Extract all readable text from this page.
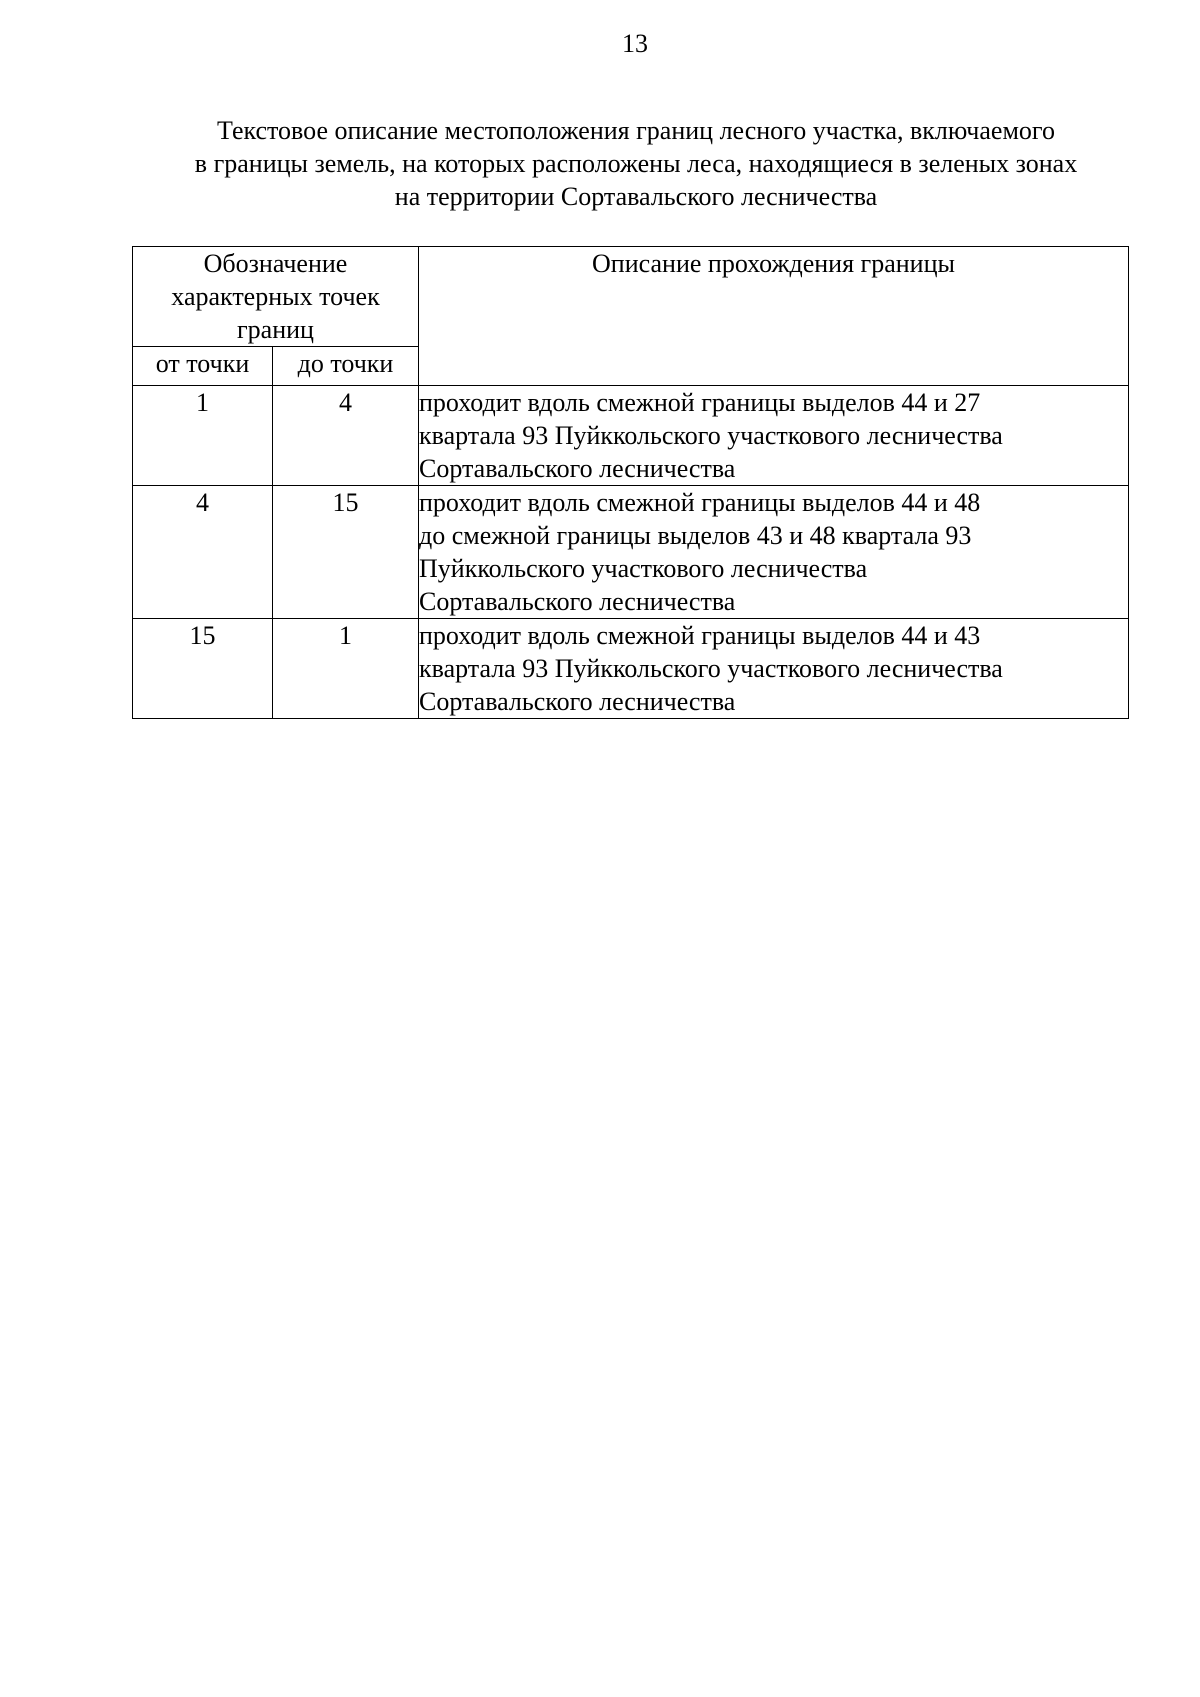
13
Текстовое описание местоположения границ лесного участка, включаемого
в границы земель, на которых расположены леса, находящиеся в зеленых зонах
на территории Сортавальского лесничества
Обозначение
характерных точек
границ		Описание прохождения границы
от точки	до точки	
1	4	проходит вдоль смежной границы выделов 44 и 27
квартала 93 Пуйккольского участкового лесничества
Сортавальского лесничества

4	15	проходит вдоль смежной границы выделов 44 и 48
до смежной границы выделов 43 и 48 квартала 93
Пуйккольского участкового лесничества
Сортавальского лесничества

15	1	проходит вдоль смежной границы выделов 44 и 43
квартала 93 Пуйккольского участкового лесничества
Сортавальского лесничества
